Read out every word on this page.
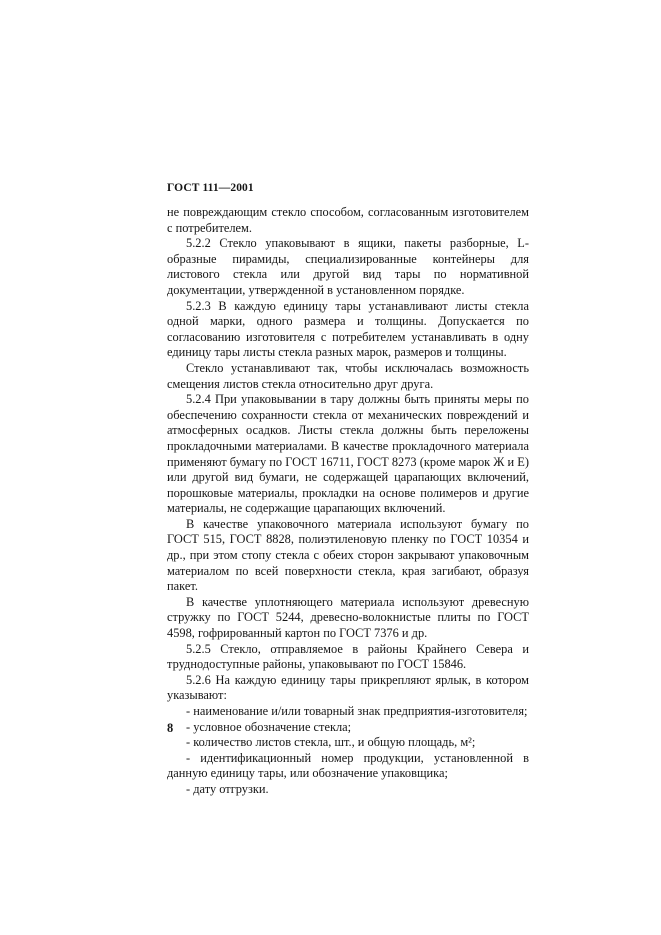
ГОСТ 111—2001

не повреждающим стекло способом, согласованным изготовителем с потребителем.

5.2.2 Стекло упаковывают в ящики, пакеты разборные, L-образные пирамиды, специализированные контейнеры для листового стекла или другой вид тары по нормативной документации, утвержденной в установленном порядке.

5.2.3 В каждую единицу тары устанавливают листы стекла одной марки, одного размера и толщины. Допускается по согласованию изготовителя с потребителем устанавливать в одну единицу тары листы стекла разных марок, размеров и толщины.

Стекло устанавливают так, чтобы исключалась возможность смещения листов стекла относительно друг друга.

5.2.4 При упаковывании в тару должны быть приняты меры по обеспечению сохранности стекла от механических повреждений и атмосферных осадков. Листы стекла должны быть переложены прокладочными материалами. В качестве прокладочного материала применяют бумагу по ГОСТ 16711, ГОСТ 8273 (кроме марок Ж и Е) или другой вид бумаги, не содержащей царапающих включений, порошковые материалы, прокладки на основе полимеров и другие материалы, не содержащие царапающих включений.

В качестве упаковочного материала используют бумагу по ГОСТ 515, ГОСТ 8828, полиэтиленовую пленку по ГОСТ 10354 и др., при этом стопу стекла с обеих сторон закрывают упаковочным материалом по всей поверхности стекла, края загибают, образуя пакет.

В качестве уплотняющего материала используют древесную стружку по ГОСТ 5244, древесно-волокнистые плиты по ГОСТ 4598, гофрированный картон по ГОСТ 7376 и др.

5.2.5 Стекло, отправляемое в районы Крайнего Севера и труднодоступные районы, упаковывают по ГОСТ 15846.

5.2.6 На каждую единицу тары прикрепляют ярлык, в котором указывают:

- наименование и/или товарный знак предприятия-изготовителя;

- условное обозначение стекла;

- количество листов стекла, шт., и общую площадь, м²;

- идентификационный номер продукции, установленной в данную единицу тары, или обозначение упаковщика;

- дату отгрузки.

8
